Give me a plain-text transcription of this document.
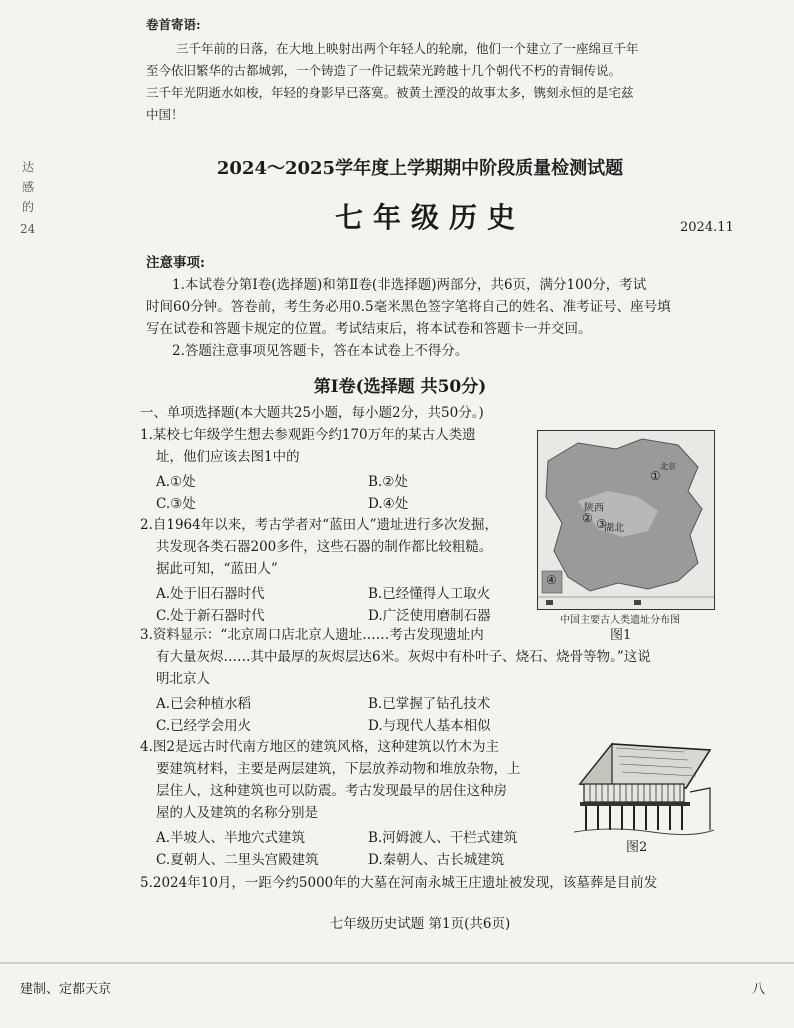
达
感
的
24
卷首寄语:
三千年前的日落，在大地上映射出两个年轻人的轮廓，他们一个建立了一座绵亘千年
至今依旧繁华的古都城郭，一个铸造了一件记载荣光跨越十几个朝代不朽的青铜传说。
三千年光阴逝水如梭，年轻的身影早已落寞。被黄土湮没的故事太多，镌刻永恒的是宅兹
中国！
2024～2025学年度上学期期中阶段质量检测试题
七年级历史	2024.11
注意事项:
1.本试卷分第Ⅰ卷(选择题)和第Ⅱ卷(非选择题)两部分，共6页，满分100分，考试
时间60分钟。答卷前，考生务必用0.5毫米黑色签字笔将自己的姓名、准考证号、座号填
写在试卷和答题卡规定的位置。考试结束后，将本试卷和答题卡一并交回。
2.答题注意事项见答题卡，答在本试卷上不得分。
第Ⅰ卷(选择题 共50分)
一、单项选择题(本大题共25小题，每小题2分，共50分。)
1.某校七年级学生想去参观距今约170万年的某古人类遗
址，他们应该去图1中的
A.①处	B.②处
C.③处	D.④处
2.自1964年以来，考古学者对“蓝田人”遗址进行多次发掘，
共发现各类石器200多件，这些石器的制作都比较粗糙。
据此可知，“蓝田人”
A.处于旧石器时代	B.已经懂得人工取火
C.处于新石器时代	D.广泛使用磨制石器
陕西
湖北
北京
①
② ③
④
中国主要古人类遗址分布图
图1
3.资料显示：“北京周口店北京人遗址……考古发现遗址内
有大量灰烬……其中最厚的灰烬层达6米。灰烬中有朴叶子、烧石、烧骨等物。”这说
明北京人
A.已会种植水稻	B.已掌握了钻孔技术
C.已经学会用火	D.与现代人基本相似
4.图2是远古时代南方地区的建筑风格，这种建筑以竹木为主
要建筑材料，主要是两层建筑，下层放养动物和堆放杂物，上
层住人，这种建筑也可以防震。考古发现最早的居住这种房
屋的人及建筑的名称分别是
A.半坡人、半地穴式建筑	B.河姆渡人、干栏式建筑
C.夏朝人、二里头宫殿建筑	D.秦朝人、古长城建筑
图2
5.2024年10月，一距今约5000年的大墓在河南永城王庄遗址被发现，该墓葬是目前发
七年级历史试题 第1页(共6页)
建制、定都天京	八
